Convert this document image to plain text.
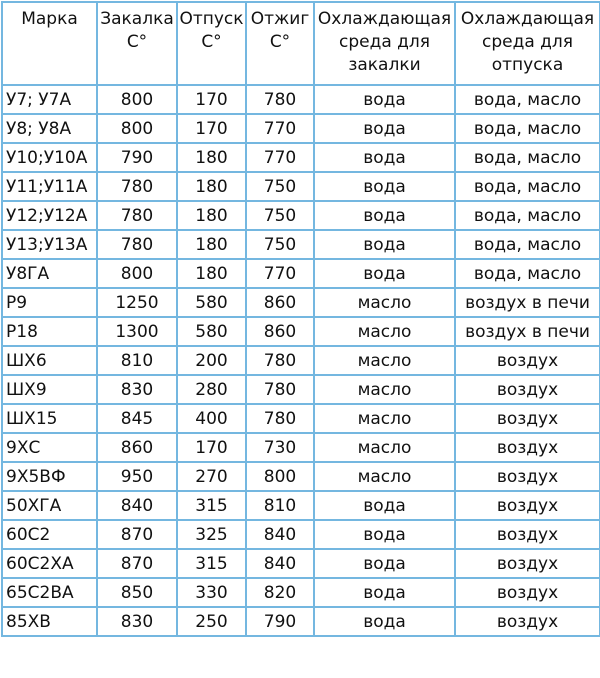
Марка	Закалка С°	Отпуск С°	Отжиг С°	Охлаждающая среда для закалки	Охлаждающая среда для отпуска
У7; У7А	800	170	780	вода	вода, масло
У8; У8А	800	170	770	вода	вода, масло
У10;У10А	790	180	770	вода	вода, масло
У11;У11А	780	180	750	вода	вода, масло
У12;У12А	780	180	750	вода	вода, масло
У13;У13А	780	180	750	вода	вода, масло
У8ГА	800	180	770	вода	вода, масло
Р9	1250	580	860	масло	воздух в печи
Р18	1300	580	860	масло	воздух в печи
ШХ6	810	200	780	масло	воздух
ШХ9	830	280	780	масло	воздух
ШХ15	845	400	780	масло	воздух
9ХС	860	170	730	масло	воздух
9Х5ВФ	950	270	800	масло	воздух
50ХГА	840	315	810	вода	воздух
60С2	870	325	840	вода	воздух
60С2ХА	870	315	840	вода	воздух
65С2ВА	850	330	820	вода	воздух
85ХВ	830	250	790	вода	воздух
